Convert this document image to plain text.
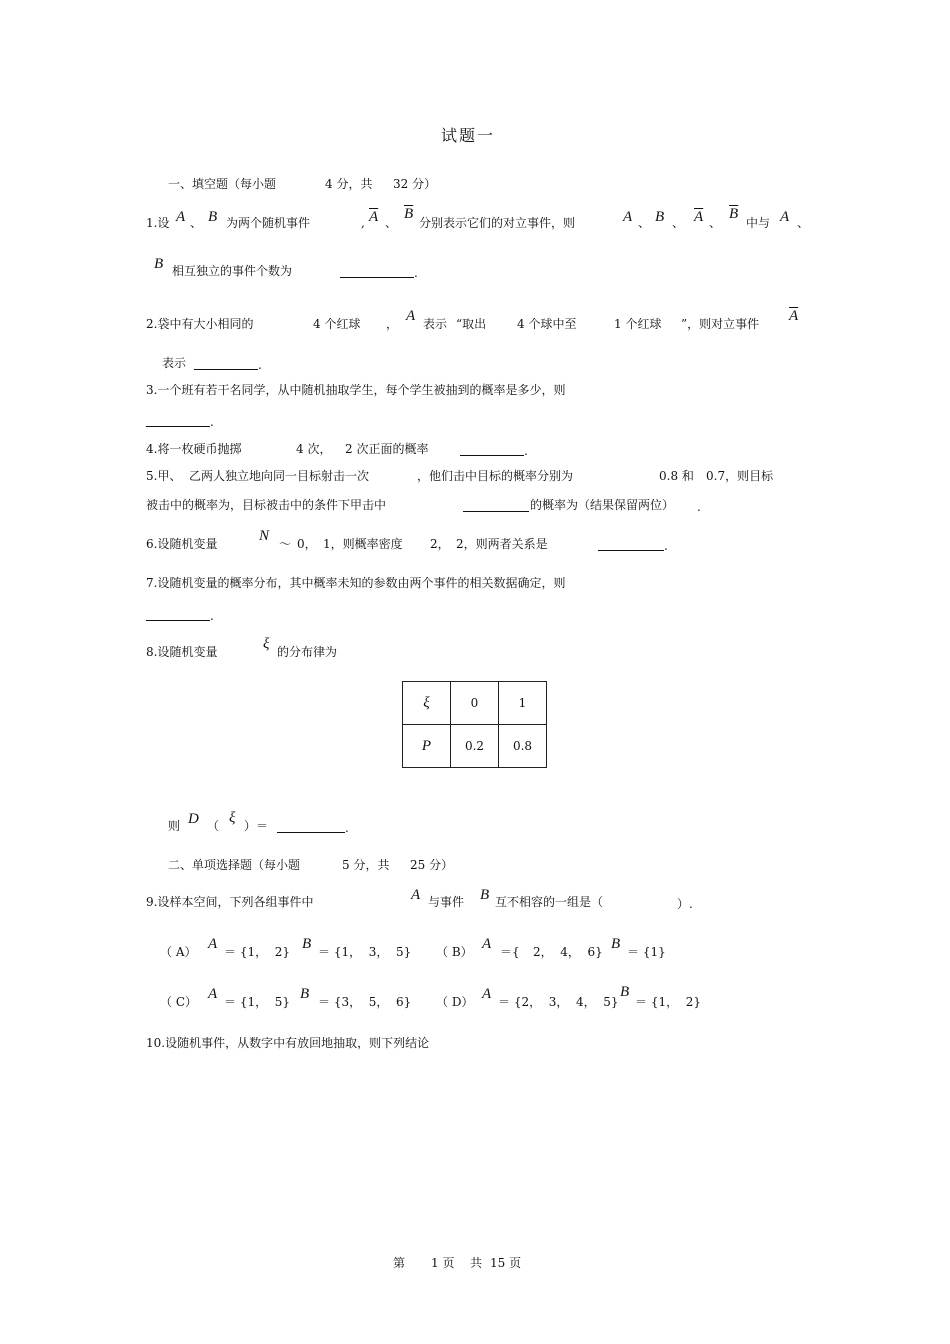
试题一
一、填空题（每小题	4 分，共 32 分）
1.设 A 、 B 为两个随机事件	, $\overline{A}$ 、
$\overline{B}$
分别表示它们的对立事件，则	A 、 B 、 $\overline{A}$ 、
$\overline{B}$
中与 A 、
B 相互独立的事件个数为	.
2.袋中有大小相同的	4 个红球 ， A 表示 “取出	4 个球中至	1 个红球 ”，则对立事件 $\overline{A}$
表示	.
3.一个班有若干名同学，从中随机抽取学生，每个学生被抽到的概率是多少，则
.
4.将一枚硬币抛掷	4 次， 2 次正面的概率	.
5.甲、 乙两人独立地向同一目标射击一次	，他们击中目标的概率分别为	0.8 和 0.7，则目标
被击中的概率为，目标被击中的条件下甲击中	的概率为（结果保留两位） .
6.设随机变量	N ～ 0， 1，则概率密度 2， 2，则两者关系是	.
7.设随机变量的概率分布，其中概率未知的参数由两个事件的相关数据确定，则
.
8.设随机变量	ξ 的分布律为
ξ	0	1
P	0.2	0.8
则 D （ ξ ）＝	.
二、单项选择题（每小题	5 分，共 25 分）
9.设样本空间，下列各组事件中	A 与事件 B 互不相容的一组是（	）.
（ A） A ＝ {1，  2} B ＝ {1，  3，  5} （ B） A ＝{ 2，  4，  6} B ＝ {1}
（ C） A ＝ {1，  5} B ＝ {3，  5，  6} （ D） A ＝ {2，  3，  4，  5}
B
＝ {1，  2}
10.设随机事件，从数字中有放回地抽取，则下列结论
第 1 页 共 15 页
